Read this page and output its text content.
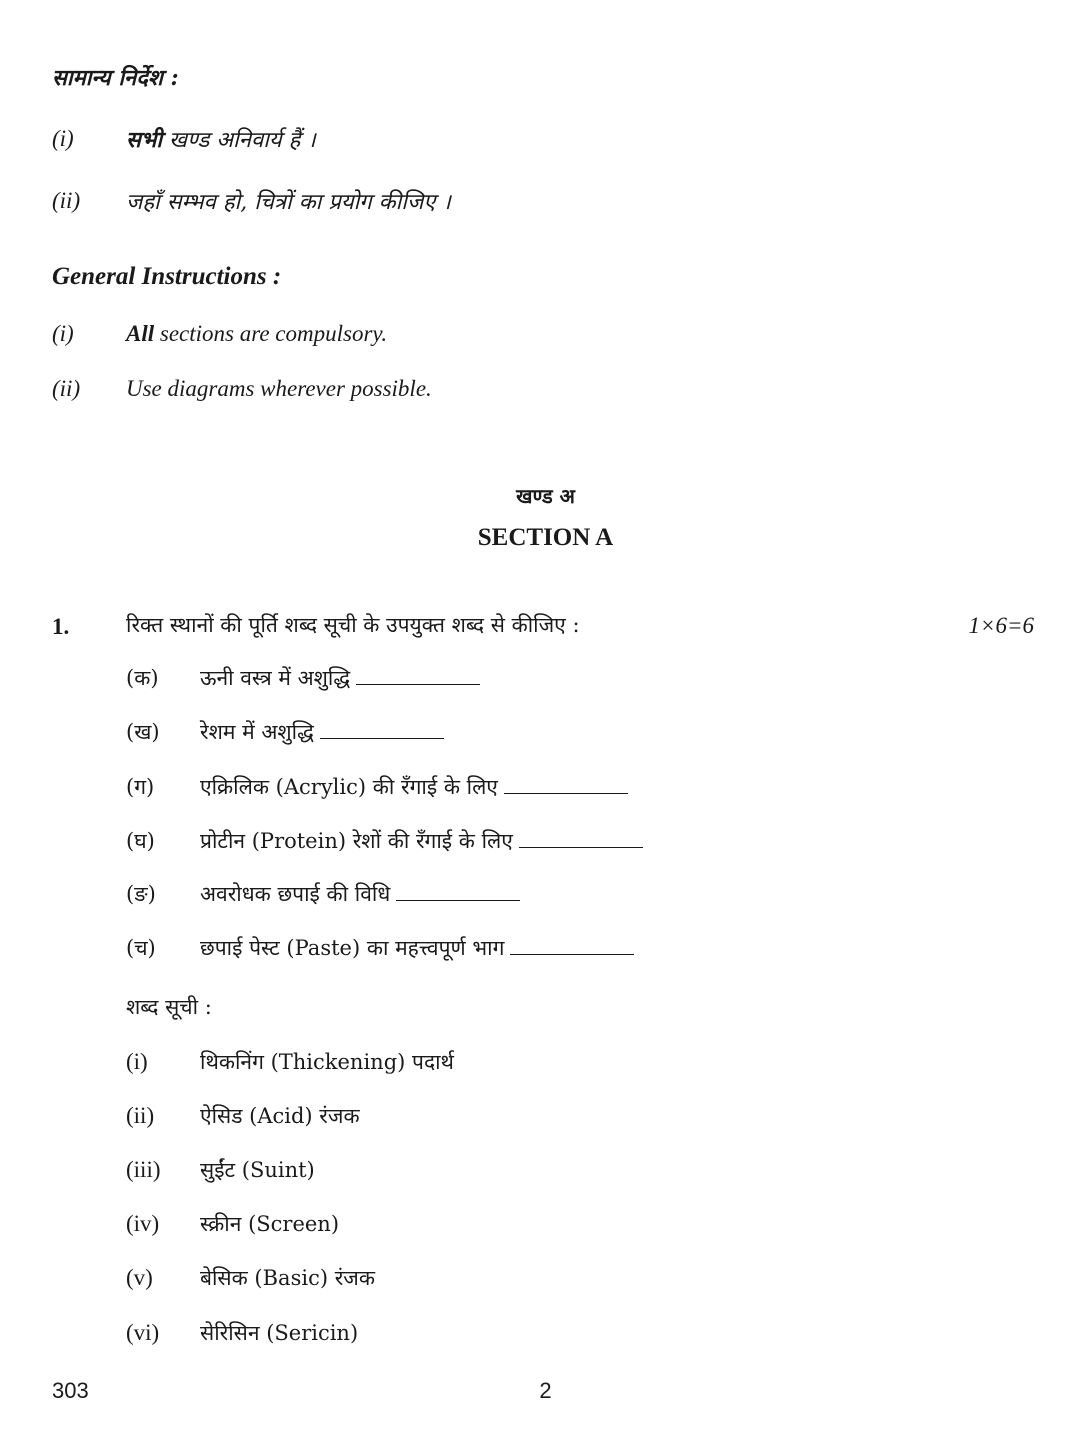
सामान्य निर्देश :
(i) सभी खण्ड अनिवार्य हैं ।
(ii) जहाँ सम्भव हो, चित्रों का प्रयोग कीजिए ।
General Instructions :
(i) All sections are compulsory.
(ii) Use diagrams wherever possible.
खण्ड अ
SECTION A
1.	रिक्त स्थानों की पूर्ति शब्द सूची के उपयुक्त शब्द से कीजिए :	1×6=6
(क) ऊनी वस्त्र में अशुद्धि
(ख) रेशम में अशुद्धि
(ग) एक्रिलिक (Acrylic) की रँगाई के लिए
(घ) प्रोटीन (Protein) रेशों की रँगाई के लिए
(ङ) अवरोधक छपाई की विधि
(च) छपाई पेस्ट (Paste) का महत्त्वपूर्ण भाग
शब्द सूची :
(i) थिकनिंग (Thickening) पदार्थ
(ii) ऐसिड (Acid) रंजक
(iii) सुईंट (Suint)
(iv) स्क्रीन (Screen)
(v) बेसिक (Basic) रंजक
(vi) सेरिसिन (Sericin)
303	2
